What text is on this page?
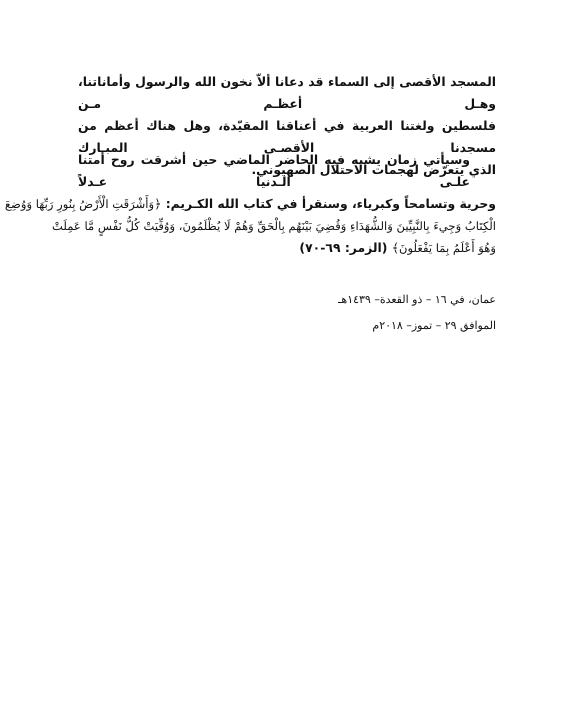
المسجد الأقصى إلى السماء قد دعانا ألاّ نخون الله والرسول وأماناتنا، وهـل أعظـم مـن
فلسطين ولغتنا العربية في أعناقنا المقيّدة، وهل هناك أعظم من مسجدنا الأقصـى المبـارك
الذي يتعرّض لهجمات الاحتلال الصهيوني.
وسيأتي زمان يشبه فيه الحاضر الماضي حين أشرقت روح أمتنا علـى الـدنيا عـدلاً
وحرية وتسامحاً وكبرياء، وسنقرأ في كتاب الله الكـريم: ﴿وَأَشْرَقَتِ الْأَرْضُ بِنُورِ رَبِّهَا وَوُضِعَ
الْكِتَابُ وَجِيءَ بِالنَّبِيِّينَ وَالشُّهَدَاءِ وَقُضِيَ بَيْنَهُم بِالْحَقِّ وَهُمْ لَا يُظْلَمُونَ، وَوُفِّيَتْ كُلُّ نَفْسٍ مَّا عَمِلَتْ
وَهُوَ أَعْلَمُ بِمَا يَفْعَلُونَ﴾ (الزمر: ٦٩-٧٠)

عمان، في ١٦ – ذو القعدة– ١٤٣٩هـ

الموافق ٢٩ – تموز– ٢٠١٨م
